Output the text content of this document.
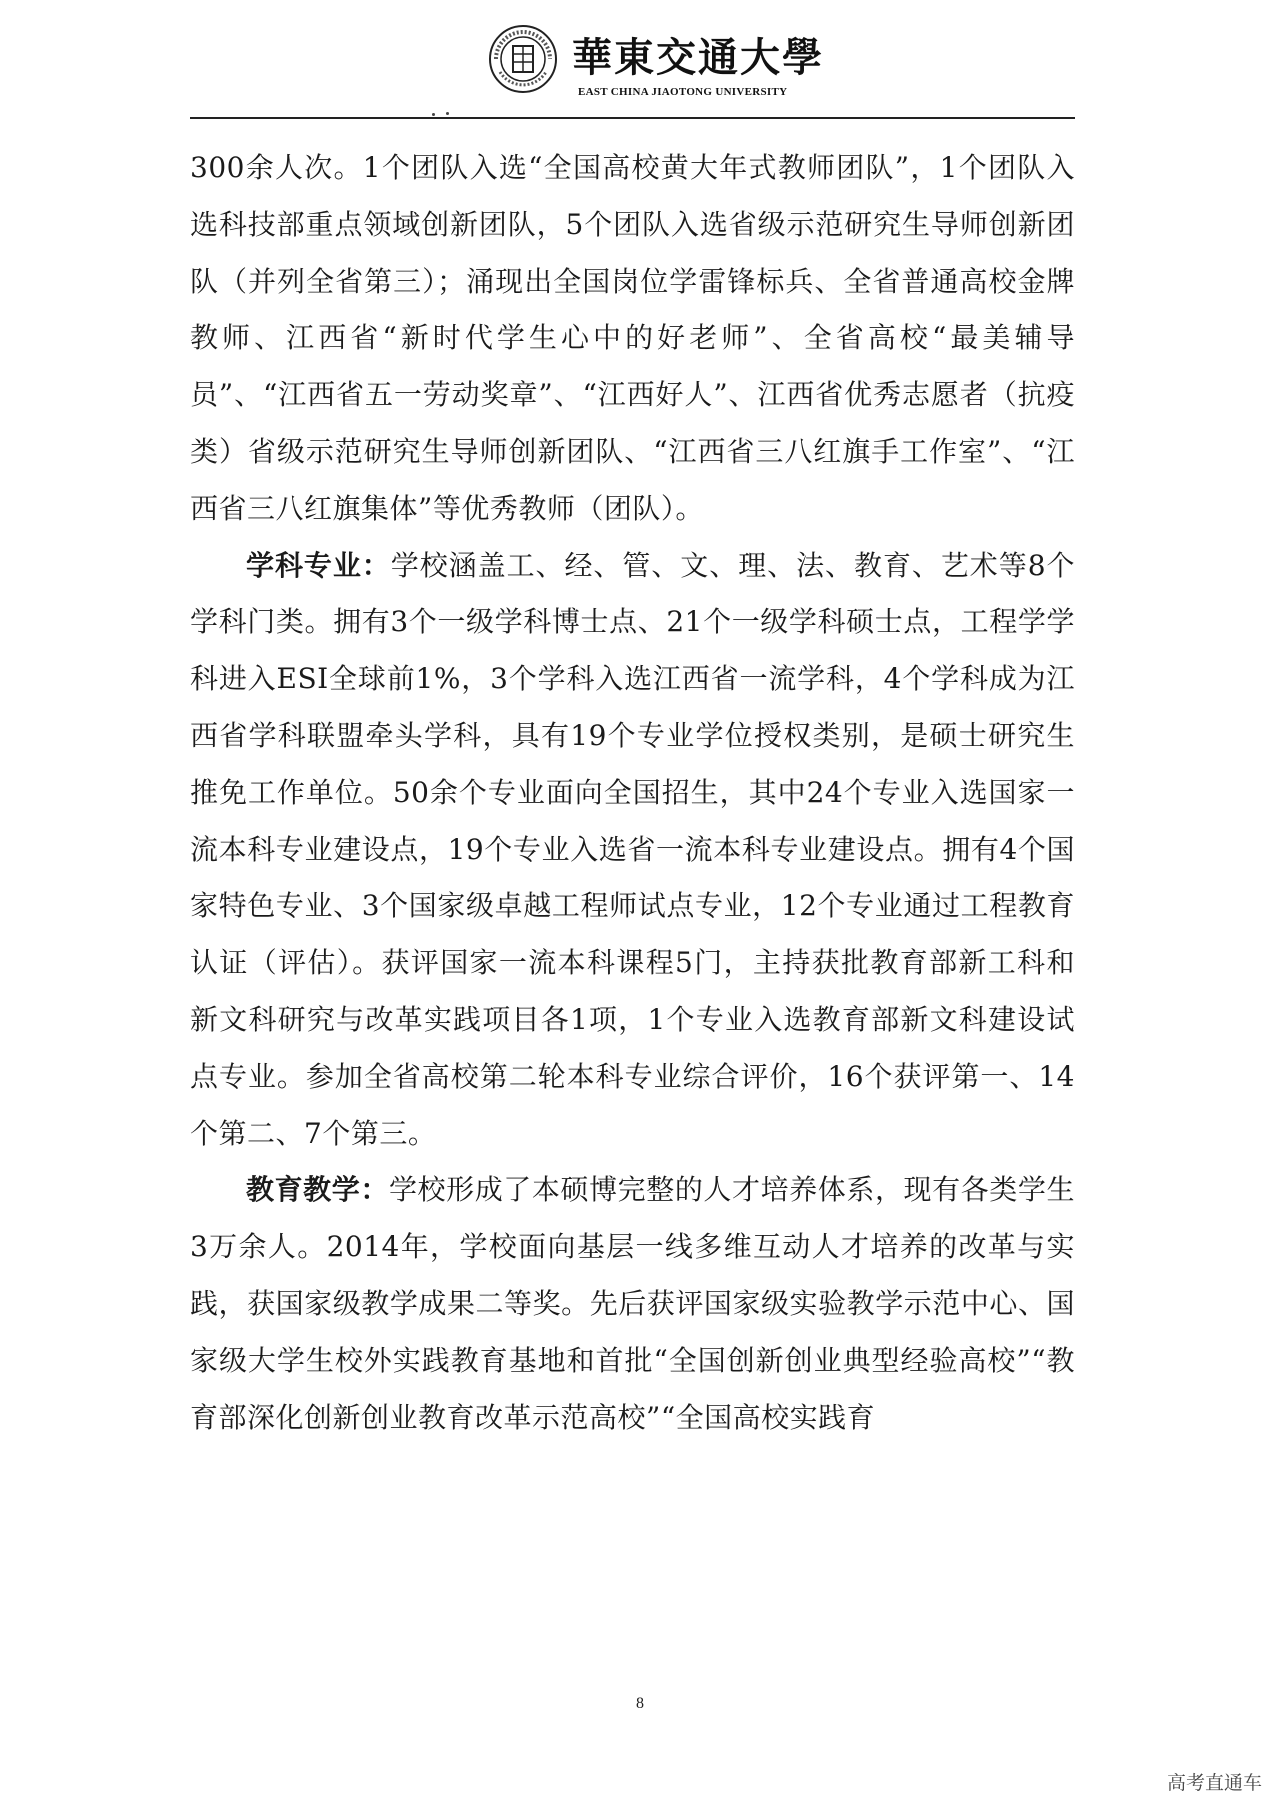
華東交通大學
EAST CHINA JIAOTONG UNIVERSITY

300余人次。1个团队入选“全国高校黄大年式教师团队”，1个团队入选科技部重点领域创新团队，5个团队入选省级示范研究生导师创新团队（并列全省第三）；涌现出全国岗位学雷锋标兵、全省普通高校金牌教师、江西省“新时代学生心中的好老师”、全省高校“最美辅导员”、“江西省五一劳动奖章”、“江西好人”、江西省优秀志愿者（抗疫类）省级示范研究生导师创新团队、“江西省三八红旗手工作室”、“江西省三八红旗集体”等优秀教师（团队）。

学科专业：学校涵盖工、经、管、文、理、法、教育、艺术等8个学科门类。拥有3个一级学科博士点、21个一级学科硕士点，工程学学科进入ESI全球前1%，3个学科入选江西省一流学科，4个学科成为江西省学科联盟牵头学科，具有19个专业学位授权类别，是硕士研究生推免工作单位。50余个专业面向全国招生，其中24个专业入选国家一流本科专业建设点，19个专业入选省一流本科专业建设点。拥有4个国家特色专业、3个国家级卓越工程师试点专业，12个专业通过工程教育认证（评估）。获评国家一流本科课程5门，主持获批教育部新工科和新文科研究与改革实践项目各1项，1个专业入选教育部新文科建设试点专业。参加全省高校第二轮本科专业综合评价，16个获评第一、14个第二、7个第三。

教育教学：学校形成了本硕博完整的人才培养体系，现有各类学生3万余人。2014年，学校面向基层一线多维互动人才培养的改革与实践，获国家级教学成果二等奖。先后获评国家级实验教学示范中心、国家级大学生校外实践教育基地和首批“全国创新创业典型经验高校”“教育部深化创新创业教育改革示范高校”“全国高校实践育

8
高考直通车
